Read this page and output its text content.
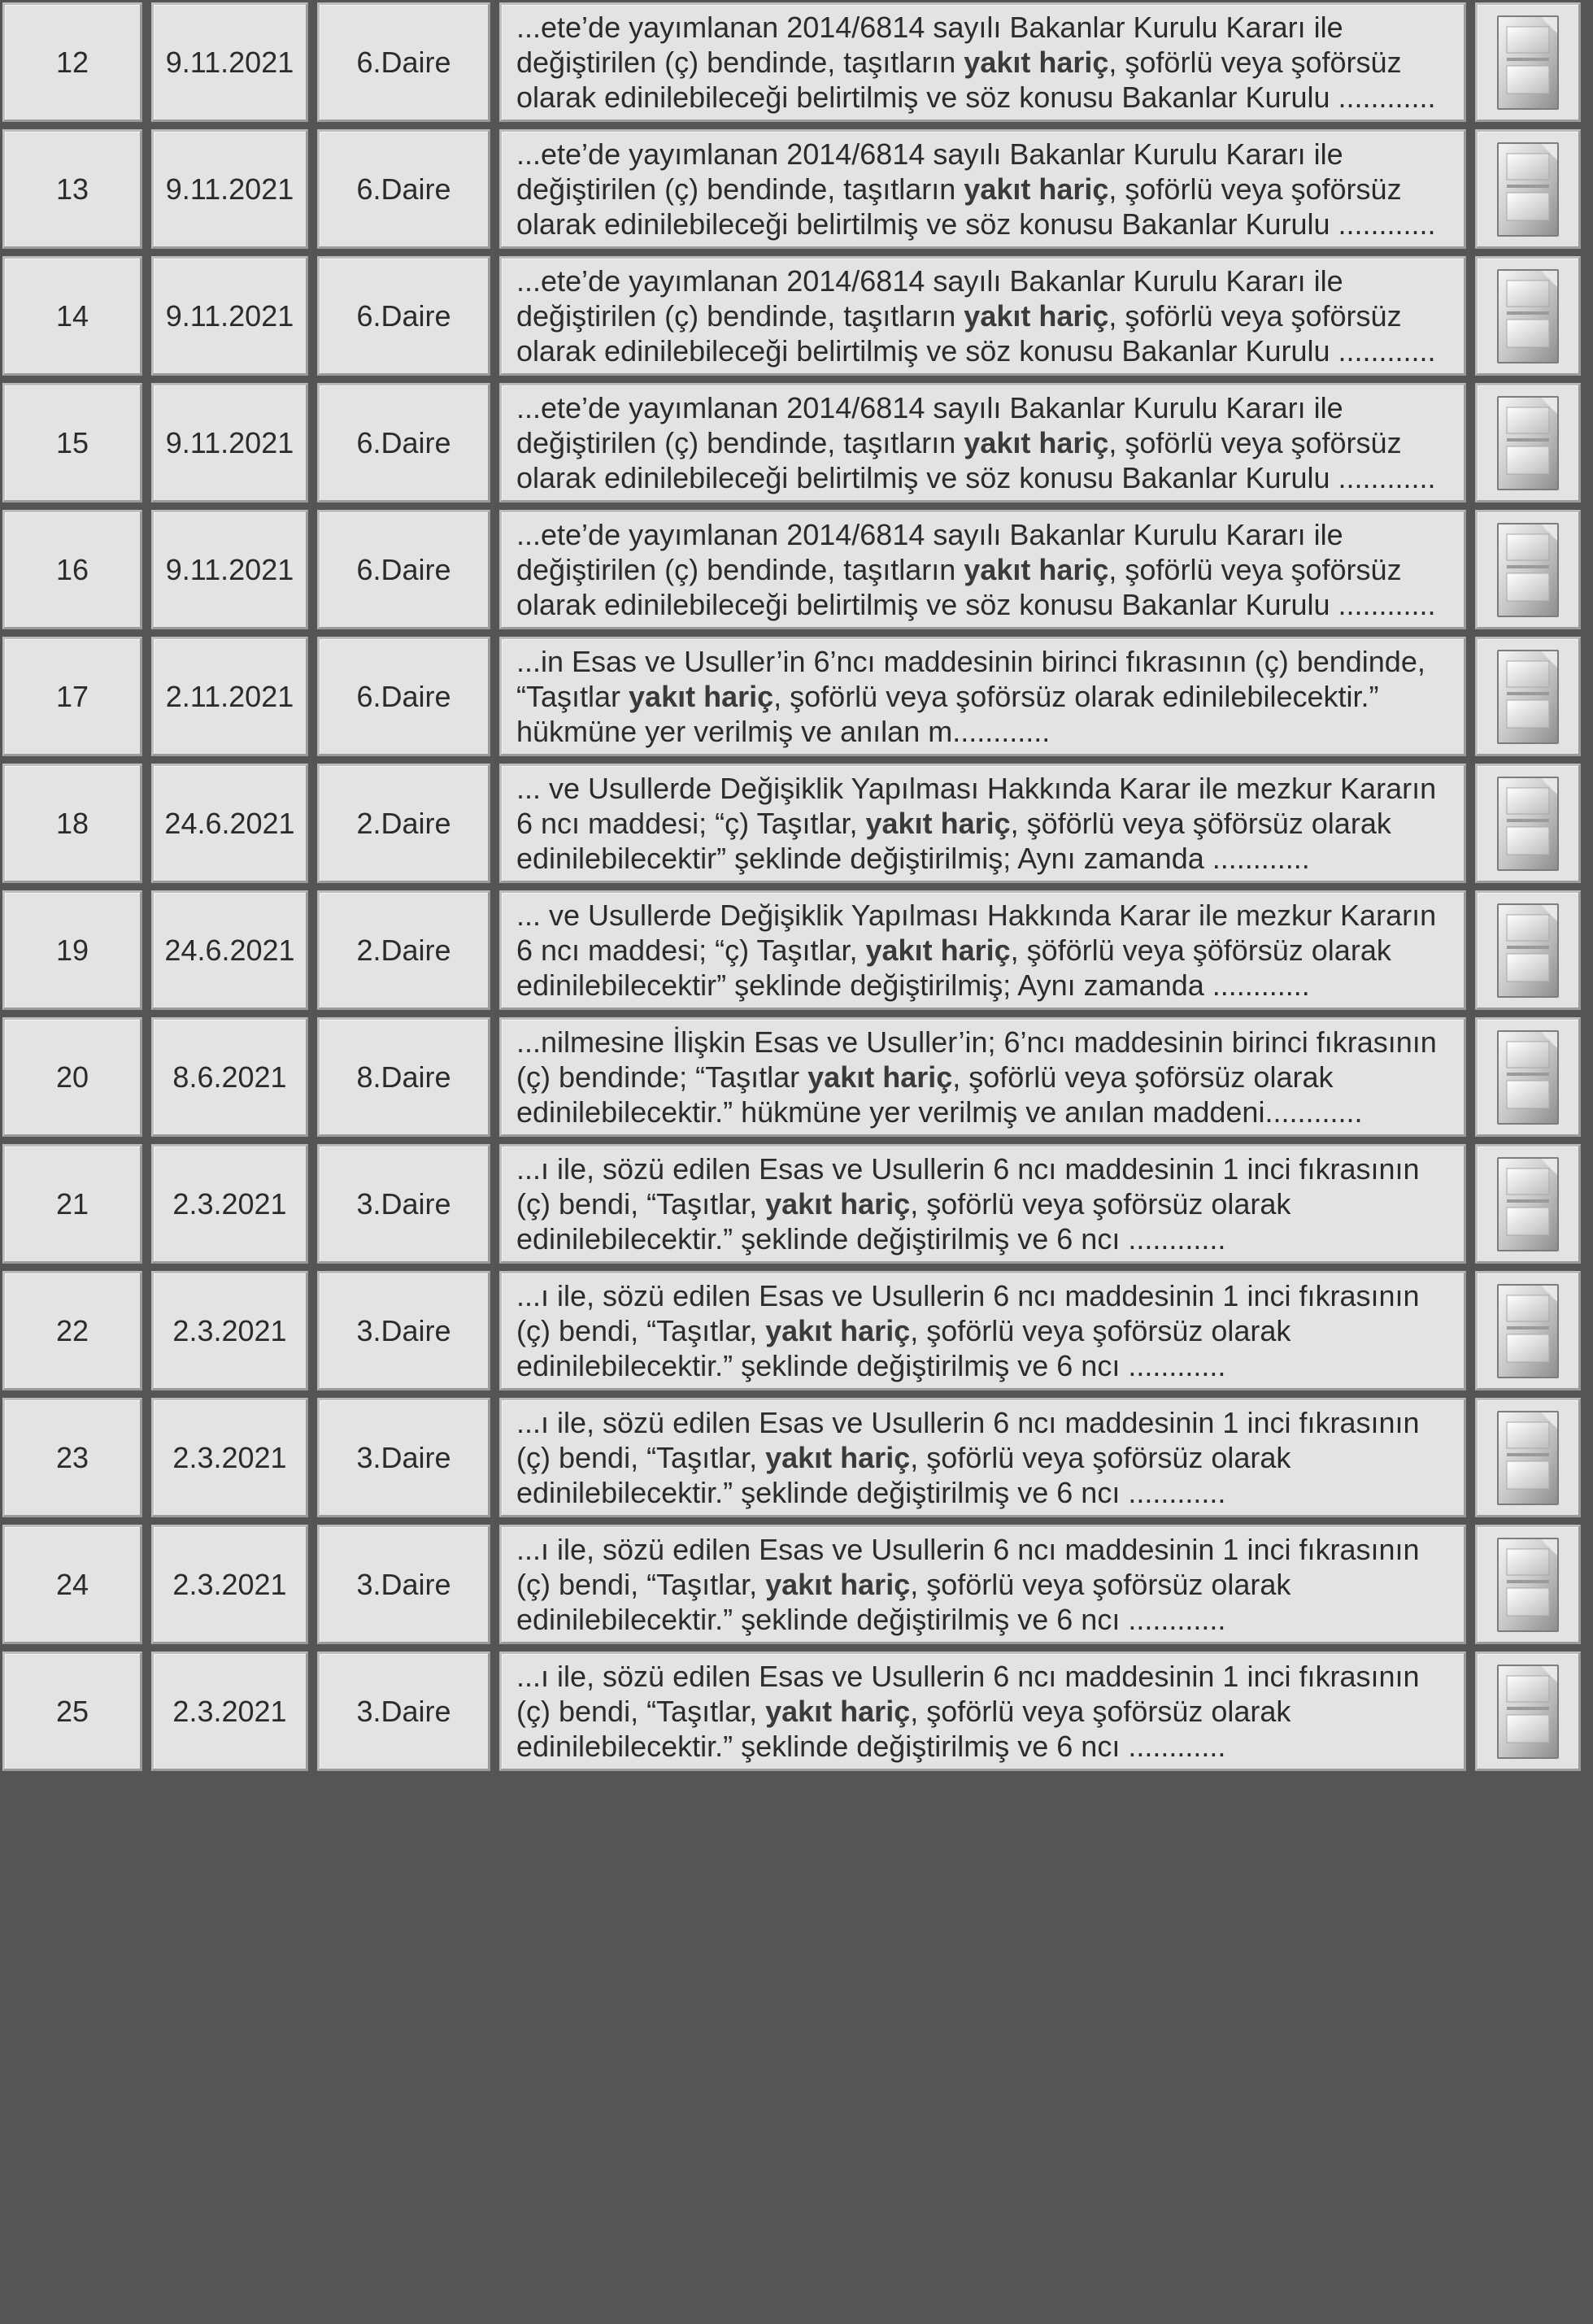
12	9.11.2021	6.Daire	...ete’de yayımlanan 2014/6814 sayılı Bakanlar Kurulu Kararı ile değiştirilen (ç) bendinde, taşıtların yakıt hariç, şoförlü veya şoförsüz olarak edinilebileceği belirtilmiş ve söz konusu Bakanlar Kurulu ............

13	9.11.2021	6.Daire	...ete’de yayımlanan 2014/6814 sayılı Bakanlar Kurulu Kararı ile değiştirilen (ç) bendinde, taşıtların yakıt hariç, şoförlü veya şoförsüz olarak edinilebileceği belirtilmiş ve söz konusu Bakanlar Kurulu ............

14	9.11.2021	6.Daire	...ete’de yayımlanan 2014/6814 sayılı Bakanlar Kurulu Kararı ile değiştirilen (ç) bendinde, taşıtların yakıt hariç, şoförlü veya şoförsüz olarak edinilebileceği belirtilmiş ve söz konusu Bakanlar Kurulu ............

15	9.11.2021	6.Daire	...ete’de yayımlanan 2014/6814 sayılı Bakanlar Kurulu Kararı ile değiştirilen (ç) bendinde, taşıtların yakıt hariç, şoförlü veya şoförsüz olarak edinilebileceği belirtilmiş ve söz konusu Bakanlar Kurulu ............

16	9.11.2021	6.Daire	...ete’de yayımlanan 2014/6814 sayılı Bakanlar Kurulu Kararı ile değiştirilen (ç) bendinde, taşıtların yakıt hariç, şoförlü veya şoförsüz olarak edinilebileceği belirtilmiş ve söz konusu Bakanlar Kurulu ............

17	2.11.2021	6.Daire	...in Esas ve Usuller’in 6’ncı maddesinin birinci fıkrasının (ç) bendinde, “Taşıtlar yakıt hariç, şoförlü veya şoförsüz olarak edinilebilecektir.” hükmüne yer verilmiş ve anılan m............

18	24.6.2021	2.Daire	... ve Usullerde Değişiklik Yapılması Hakkında Karar ile mezkur Kararın 6 ncı maddesi; “ç) Taşıtlar, yakıt hariç, şöförlü veya şöförsüz olarak edinilebilecektir” şeklinde değiştirilmiş; Aynı zamanda ............

19	24.6.2021	2.Daire	... ve Usullerde Değişiklik Yapılması Hakkında Karar ile mezkur Kararın 6 ncı maddesi; “ç) Taşıtlar, yakıt hariç, şöförlü veya şöförsüz olarak edinilebilecektir” şeklinde değiştirilmiş; Aynı zamanda ............

20	8.6.2021	8.Daire	...nilmesine İlişkin Esas ve Usuller’in; 6’ncı maddesinin birinci fıkrasının (ç) bendinde; “Taşıtlar yakıt hariç, şoförlü veya şoförsüz olarak edinilebilecektir.” hükmüne yer verilmiş ve anılan maddeni............

21	2.3.2021	3.Daire	...ı ile, sözü edilen Esas ve Usullerin 6 ncı maddesinin 1 inci fıkrasının (ç) bendi, “Taşıtlar, yakıt hariç, şoförlü veya şoförsüz olarak edinilebilecektir.” şeklinde değiştirilmiş ve 6 ncı ............

22	2.3.2021	3.Daire	...ı ile, sözü edilen Esas ve Usullerin 6 ncı maddesinin 1 inci fıkrasının (ç) bendi, “Taşıtlar, yakıt hariç, şoförlü veya şoförsüz olarak edinilebilecektir.” şeklinde değiştirilmiş ve 6 ncı ............

23	2.3.2021	3.Daire	...ı ile, sözü edilen Esas ve Usullerin 6 ncı maddesinin 1 inci fıkrasının (ç) bendi, “Taşıtlar, yakıt hariç, şoförlü veya şoförsüz olarak edinilebilecektir.” şeklinde değiştirilmiş ve 6 ncı ............

24	2.3.2021	3.Daire	...ı ile, sözü edilen Esas ve Usullerin 6 ncı maddesinin 1 inci fıkrasının (ç) bendi, “Taşıtlar, yakıt hariç, şoförlü veya şoförsüz olarak edinilebilecektir.” şeklinde değiştirilmiş ve 6 ncı ............

25	2.3.2021	3.Daire	...ı ile, sözü edilen Esas ve Usullerin 6 ncı maddesinin 1 inci fıkrasının (ç) bendi, “Taşıtlar, yakıt hariç, şoförlü veya şoförsüz olarak edinilebilecektir.” şeklinde değiştirilmiş ve 6 ncı ............
